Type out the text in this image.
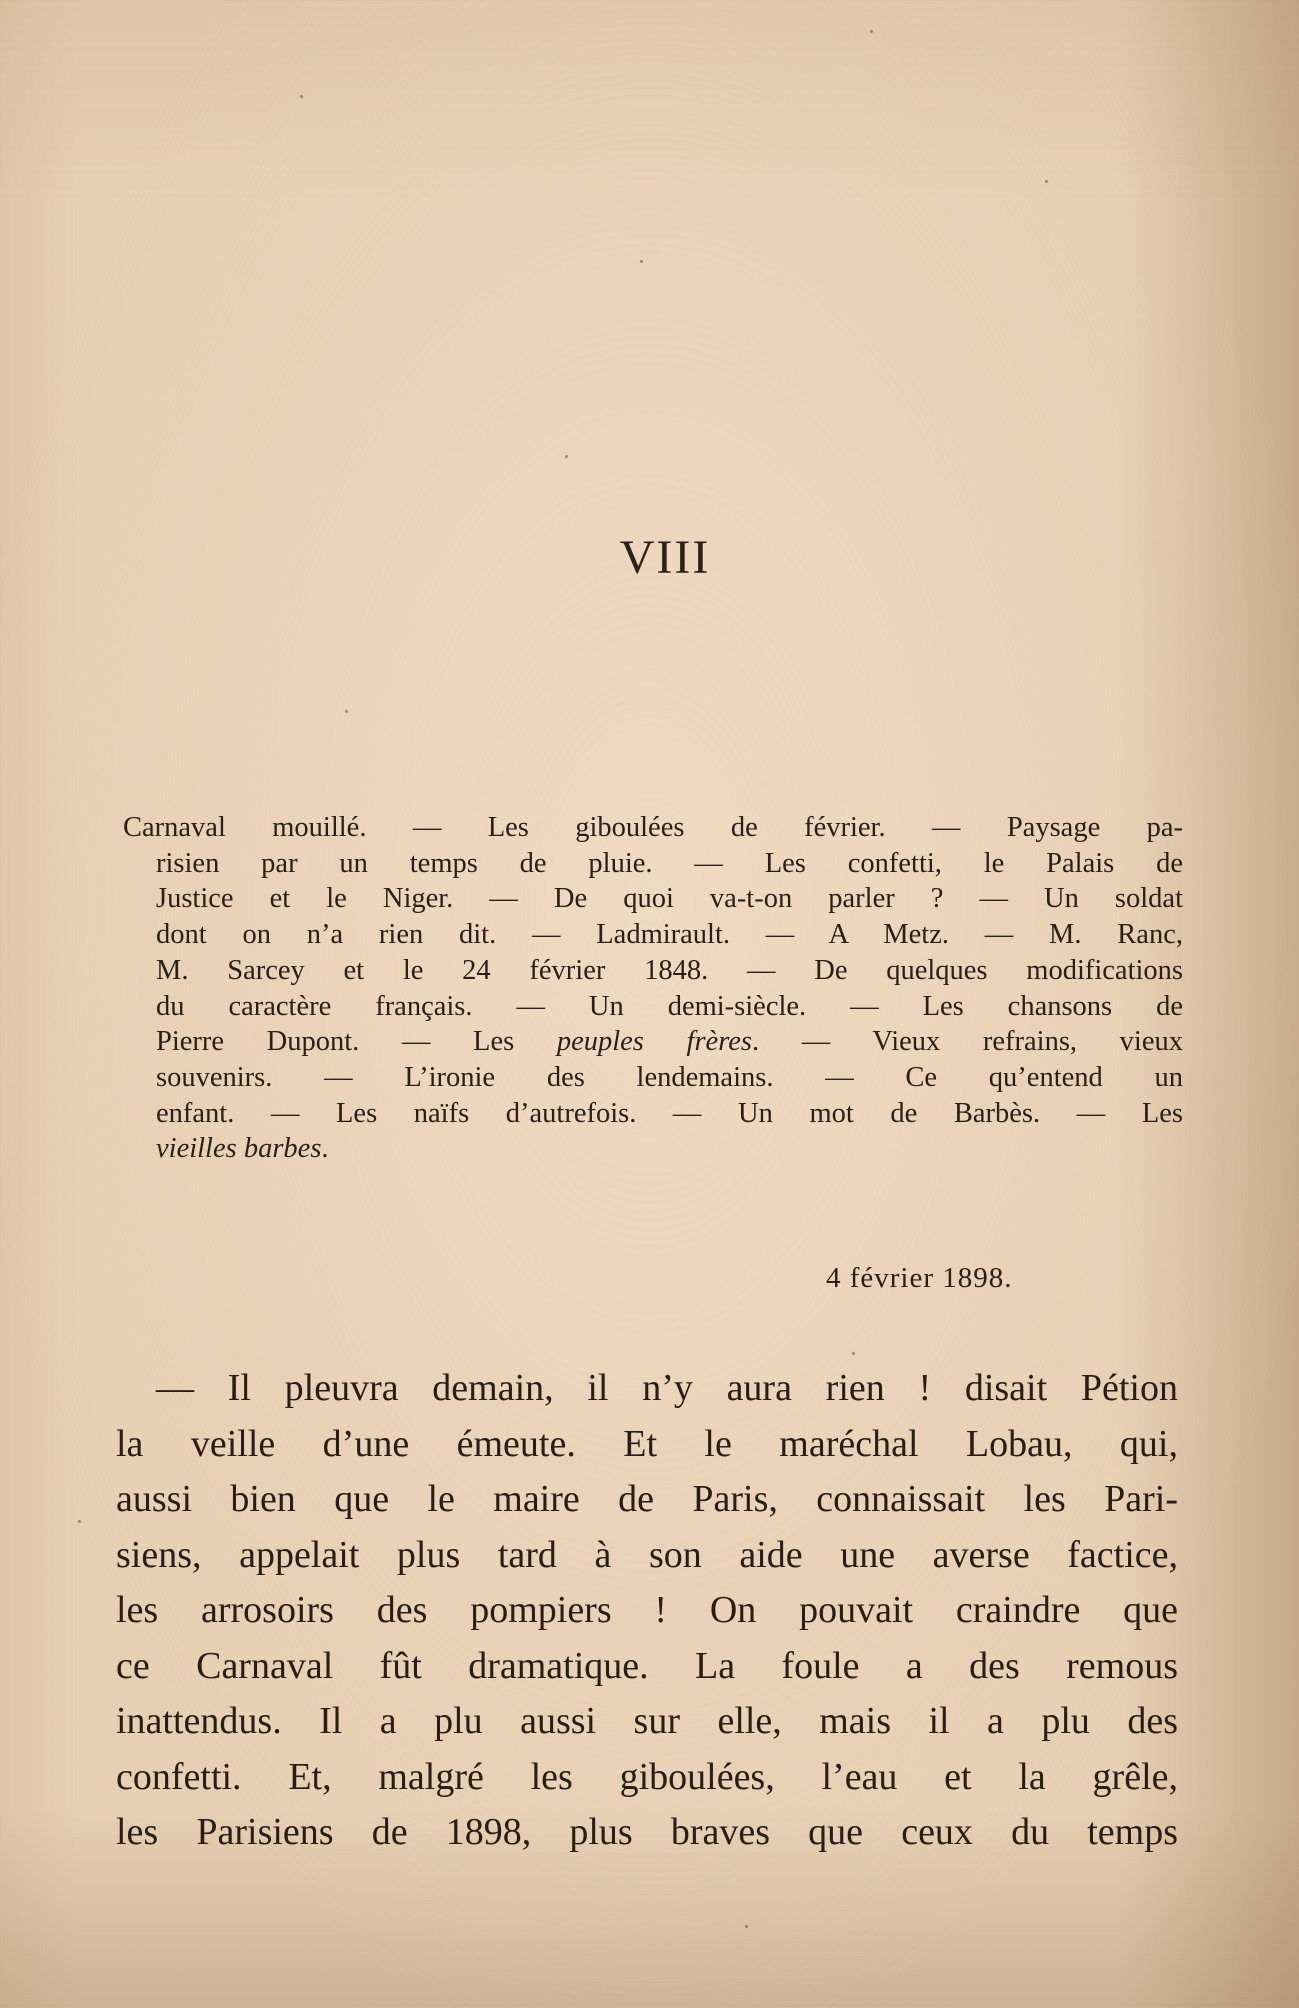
VIII
Carnaval mouillé. — Les giboulées de février. — Paysage pa-
risien par un temps de pluie. — Les confetti, le Palais de
Justice et le Niger. — De quoi va-t-on parler ? — Un soldat
dont on n’a rien dit. — Ladmirault. — A Metz. — M. Ranc,
M. Sarcey et le 24 février 1848. — De quelques modifications
du caractère français. — Un demi-siècle. — Les chansons de
Pierre Dupont. — Les peuples frères. — Vieux refrains, vieux
souvenirs. — L’ironie des lendemains. — Ce qu’entend un
enfant. — Les naïfs d’autrefois. — Un mot de Barbès. — Les
vieilles barbes.
4 février 1898.
— Il pleuvra demain, il n’y aura rien ! disait Pétion
la veille d’une émeute. Et le maréchal Lobau, qui,
aussi bien que le maire de Paris, connaissait les Pari-
siens, appelait plus tard à son aide une averse factice,
les arrosoirs des pompiers ! On pouvait craindre que
ce Carnaval fût dramatique. La foule a des remous
inattendus. Il a plu aussi sur elle, mais il a plu des
confetti. Et, malgré les giboulées, l’eau et la grêle,
les Parisiens de 1898, plus braves que ceux du temps
